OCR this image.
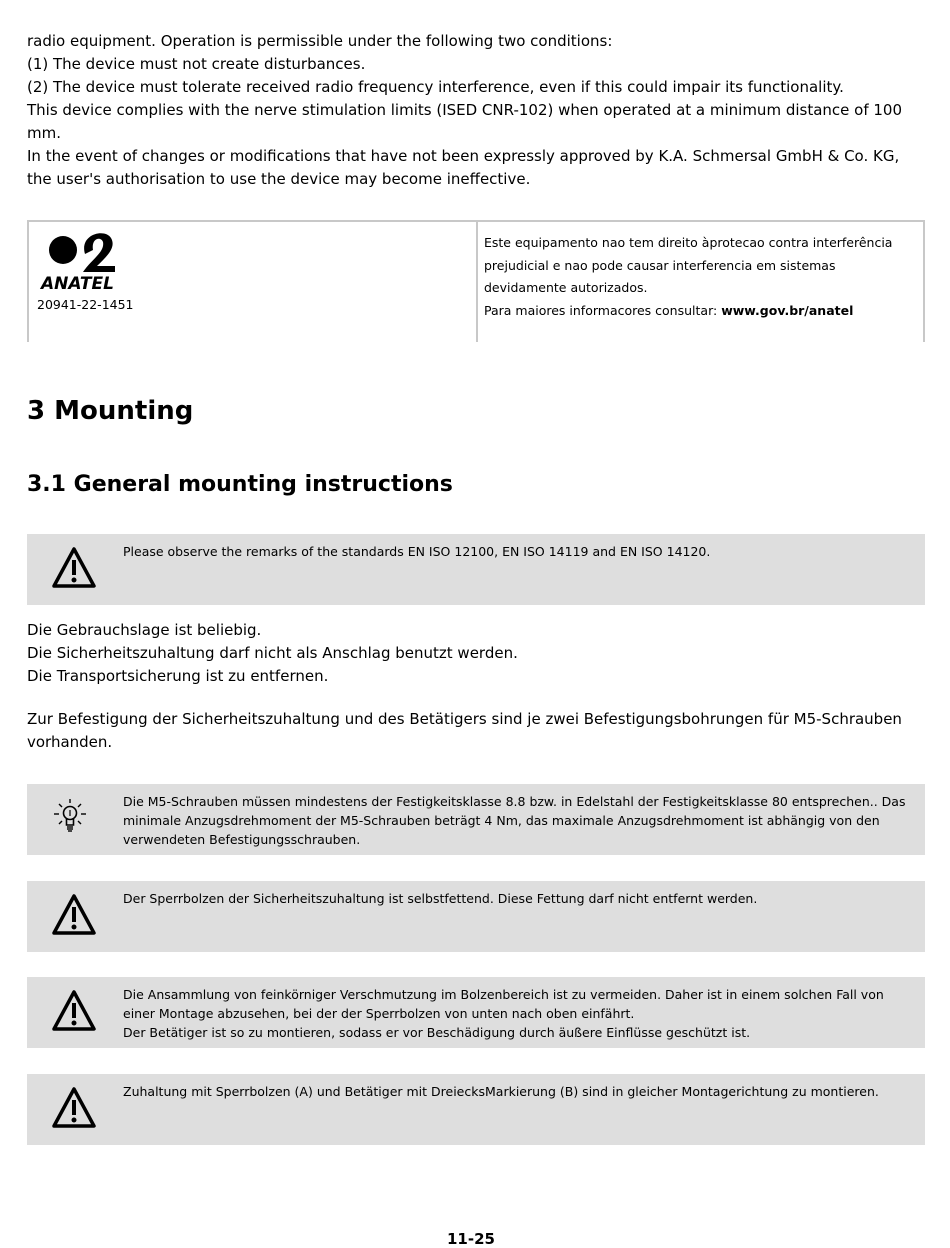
radio equipment. Operation is permissible under the following two conditions:

(1) The device must not create disturbances.

(2) The device must tolerate received radio frequency interference, even if this could impair its functionality.

This device complies with the nerve stimulation limits (ISED CNR-102) when operated at a minimum distance of 100 mm.

In the event of changes or modifications that have not been expressly approved by K.A. Schmersal GmbH & Co. KG, the user's authorisation to use the device may become ineffective.

ANATEL
20941-22-1451
Este equipamento nao tem direito àprotecao contra interferência prejudicial e nao pode causar interferencia em sistemas devidamente autorizados.
Para maiores informacores consultar: www.gov.br/anatel
3 Mounting
3.1 General mounting instructions
Please observe the remarks of the standards EN ISO 12100, EN ISO 14119 and EN ISO 14120.

Die Gebrauchslage ist beliebig.

Die Sicherheitszuhaltung darf nicht als Anschlag benutzt werden.

Die Transportsicherung ist zu entfernen.

Zur Befestigung der Sicherheitszuhaltung und des Betätigers sind je zwei Befestigungsbohrungen für M5-Schrauben vorhanden.

Die M5-Schrauben müssen mindestens der Festigkeitsklasse 8.8 bzw. in Edelstahl der Festigkeitsklasse 80 entsprechen.. Das minimale Anzugsdrehmoment der M5-Schrauben beträgt 4 Nm, das maximale Anzugsdrehmoment ist abhängig von den verwendeten Befestigungsschrauben.
Der Sperrbolzen der Sicherheitszuhaltung ist selbstfettend. Diese Fettung darf nicht entfernt werden.
Die Ansammlung von feinkörniger Verschmutzung im Bolzenbereich ist zu vermeiden. Daher ist in einem solchen Fall von einer Montage abzusehen, bei der der Sperrbolzen von unten nach oben einfährt.
Der Betätiger ist so zu montieren, sodass er vor Beschädigung durch äußere Einflüsse geschützt ist.
Zuhaltung mit Sperrbolzen (A) und Betätiger mit DreiecksMarkierung (B) sind in gleicher Montagerichtung zu montieren.
11-25
